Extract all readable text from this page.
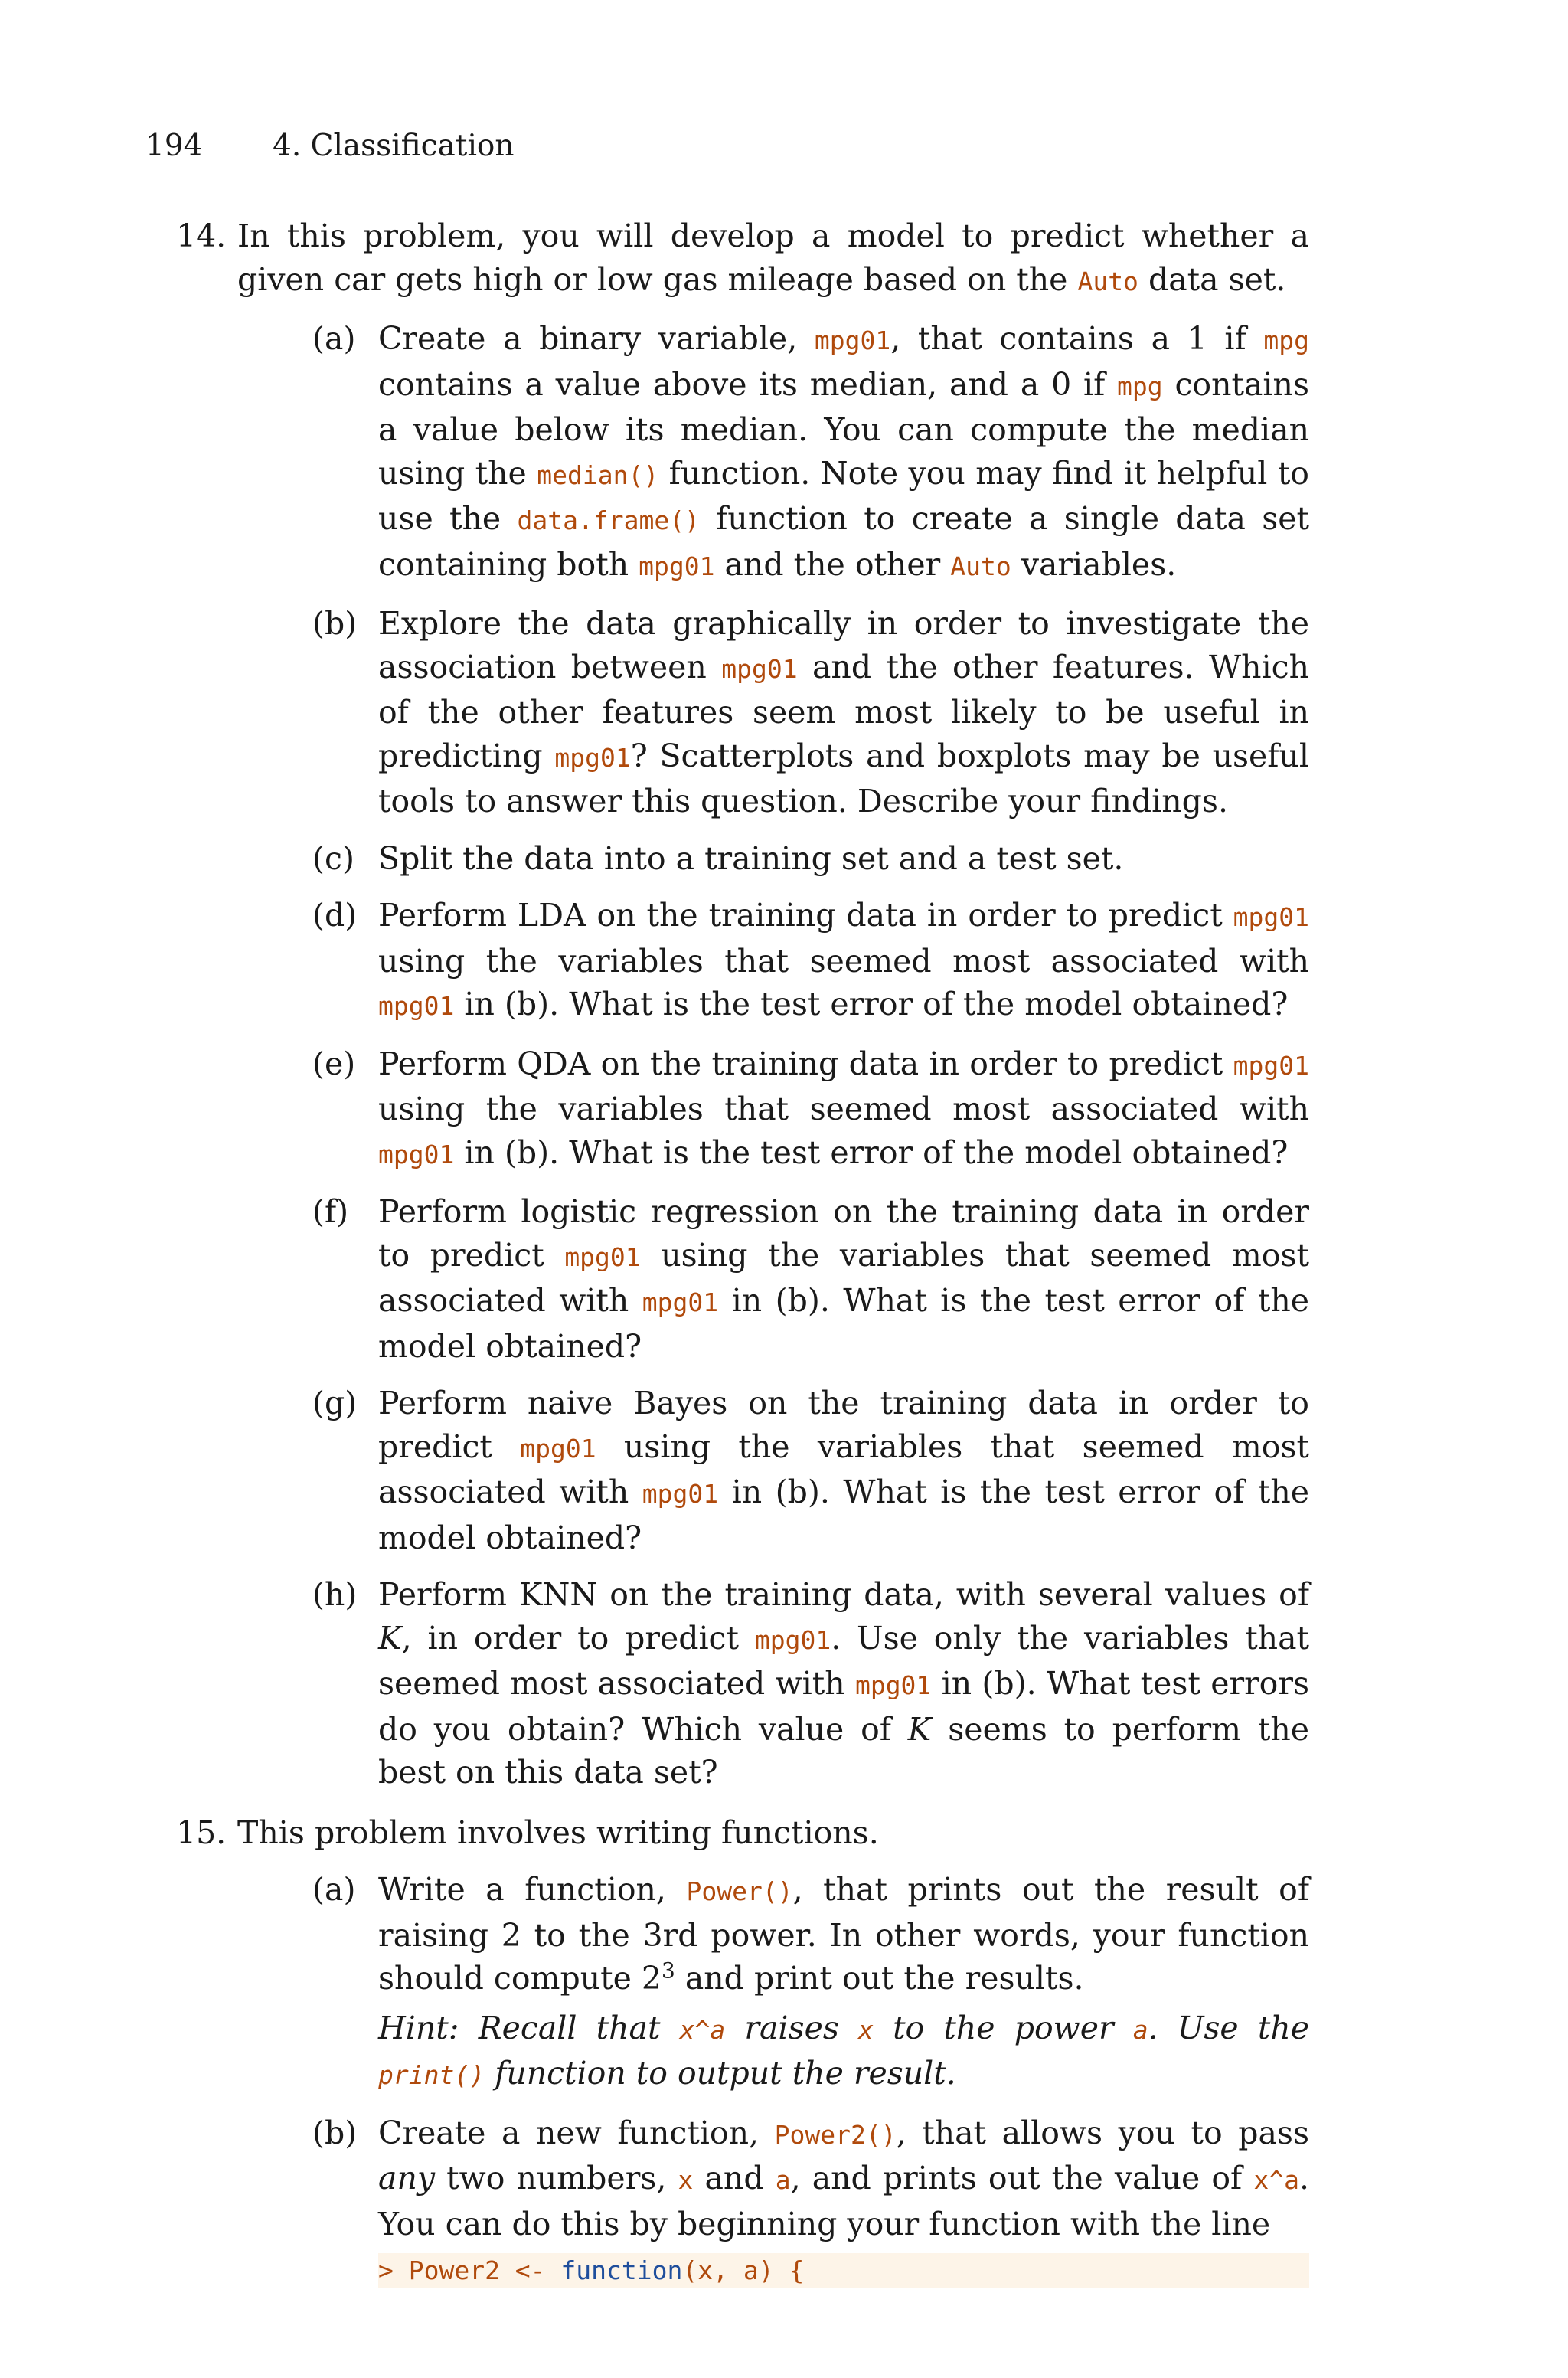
194 4. Classification
14. In this problem, you will develop a model to predict whether a given car gets high or low gas mileage based on the Auto data set.
(a) Create a binary variable, mpg01, that contains a 1 if mpg contains a value above its median, and a 0 if mpg contains a value below its median. You can compute the median using the median() function. Note you may find it helpful to use the data.frame() function to create a single data set containing both mpg01 and the other Auto variables.
(b) Explore the data graphically in order to investigate the association between mpg01 and the other features. Which of the other features seem most likely to be useful in predicting mpg01? Scatterplots and boxplots may be useful tools to answer this question. Describe your findings.
(c) Split the data into a training set and a test set.
(d) Perform LDA on the training data in order to predict mpg01 using the variables that seemed most associated with mpg01 in (b). What is the test error of the model obtained?
(e) Perform QDA on the training data in order to predict mpg01 using the variables that seemed most associated with mpg01 in (b). What is the test error of the model obtained?
(f) Perform logistic regression on the training data in order to predict mpg01 using the variables that seemed most associated with mpg01 in (b). What is the test error of the model obtained?
(g) Perform naive Bayes on the training data in order to predict mpg01 using the variables that seemed most associated with mpg01 in (b). What is the test error of the model obtained?
(h) Perform KNN on the training data, with several values of K, in order to predict mpg01. Use only the variables that seemed most associated with mpg01 in (b). What test errors do you obtain? Which value of K seems to perform the best on this data set?
15. This problem involves writing functions.
(a) Write a function, Power(), that prints out the result of raising 2 to the 3rd power. In other words, your function should compute $2^3$ and print out the results.
Hint: Recall that x^a raises x to the power a. Use the print() function to output the result.
(b) Create a new function, Power2(), that allows you to pass any two numbers, x and a, and prints out the value of x^a. You can do this by beginning your function with the line
> Power2 <- function(x, a) {
